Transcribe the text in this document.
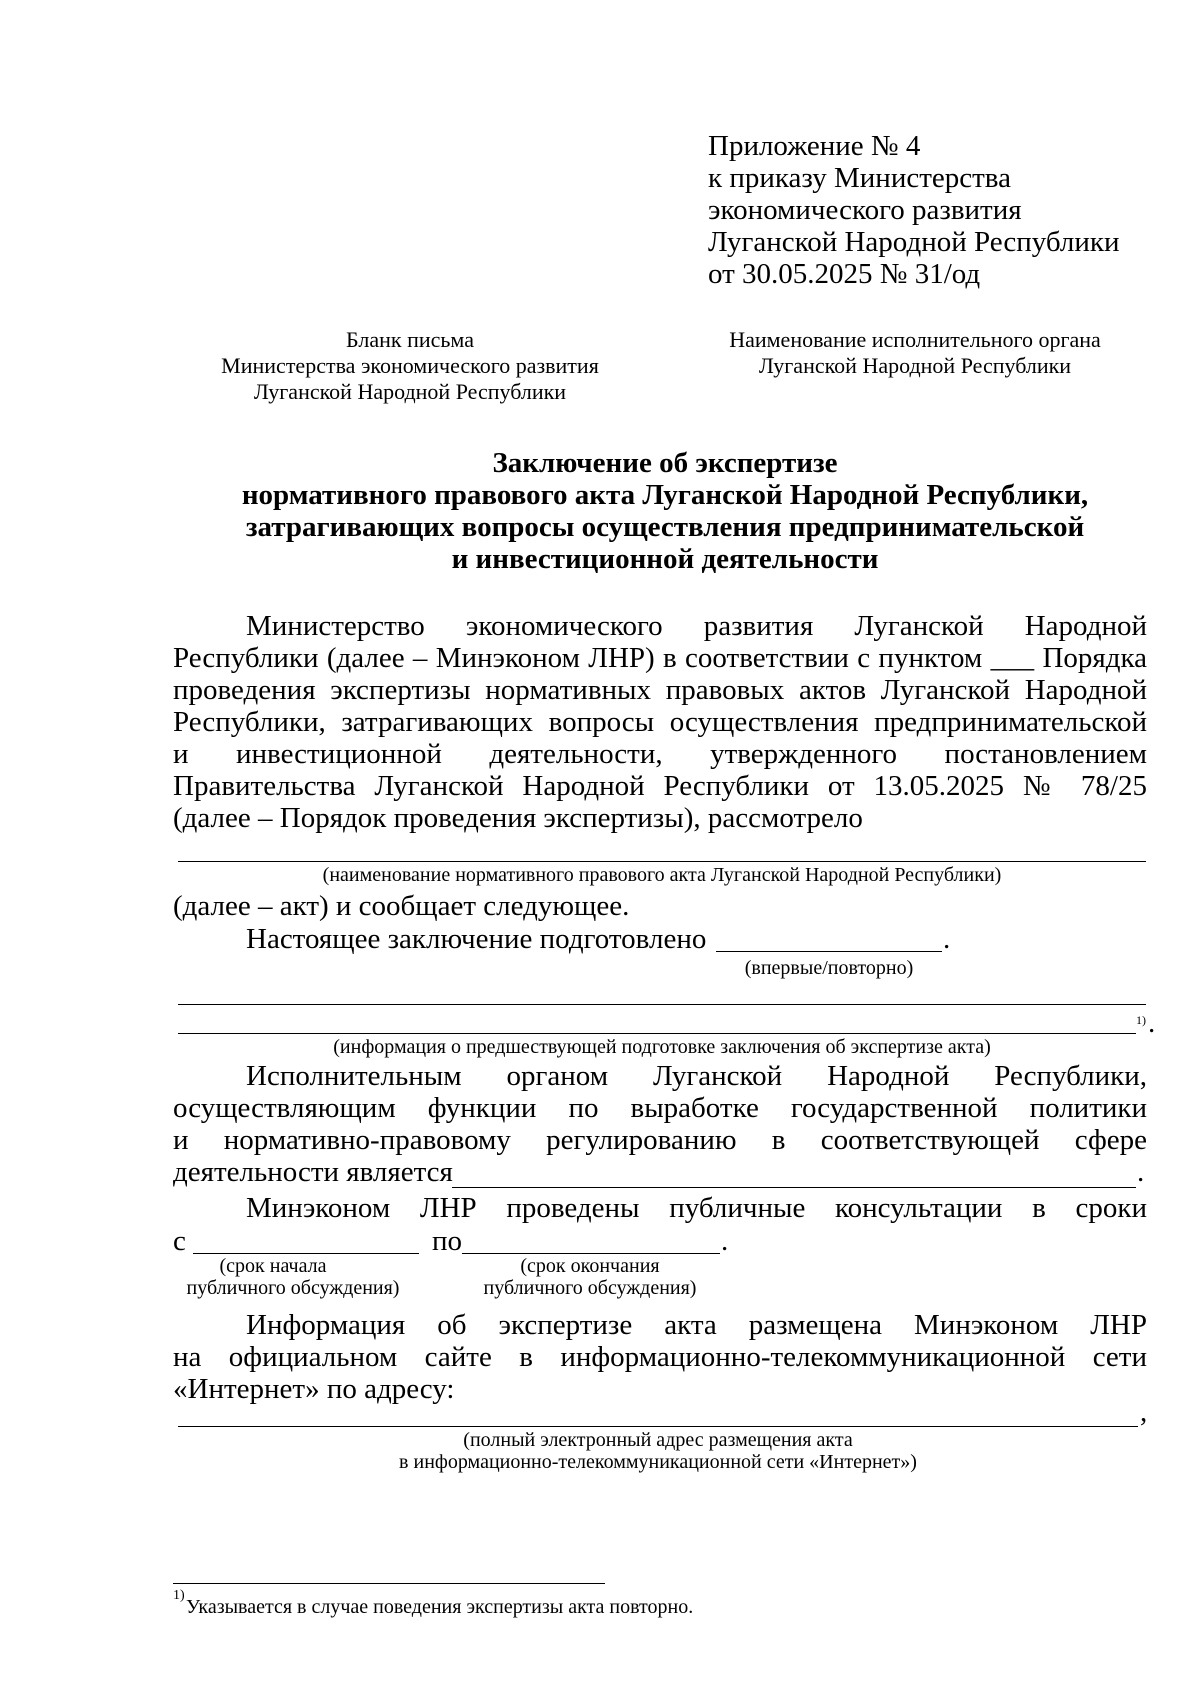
Приложение № 4
к приказу Министерства
экономического развития
Луганской Народной Республики
от 30.05.2025 № 31/од
Бланк письма
Министерства экономического развития
Луганской Народной Республики
Наименование исполнительного органа
Луганской Народной Республики
Заключение об экспертизе
нормативного правового акта Луганской Народной Республики,
затрагивающих вопросы осуществления предпринимательской
и инвестиционной деятельности
Министерство экономического развития Луганской Народной
Республики (далее – Минэконом ЛНР) в соответствии с пунктом ___ Порядка
проведения экспертизы нормативных правовых актов Луганской Народной
Республики, затрагивающих вопросы осуществления предпринимательской
и инвестиционной деятельности, утвержденного постановлением
Правительства Луганской Народной Республики от 13.05.2025 № 78/25
(далее – Порядок проведения экспертизы), рассмотрело
(наименование нормативного правового акта Луганской Народной Республики)
(далее – акт) и сообщает следующее.
Настоящее заключение подготовлено	.
(впервые/повторно)
1) .
(информация о предшествующей подготовке заключения об экспертизе акта)
Исполнительным органом Луганской Народной Республики,
осуществляющим функции по выработке государственной политики
и нормативно-правовому регулированию в соответствующей сфере
деятельности является	.
Минэконом ЛНР проведены публичные консультации в сроки
с	по	.
(срок начала
публичного обсуждения)
(срок окончания
публичного обсуждения)
Информация об экспертизе акта размещена Минэконом ЛНР
на официальном сайте в информационно-телекоммуникационной сети
«Интернет» по адресу:
,
(полный электронный адрес размещения акта
в информационно-телекоммуникационной сети «Интернет»)
1)
Указывается в случае поведения экспертизы акта повторно.
